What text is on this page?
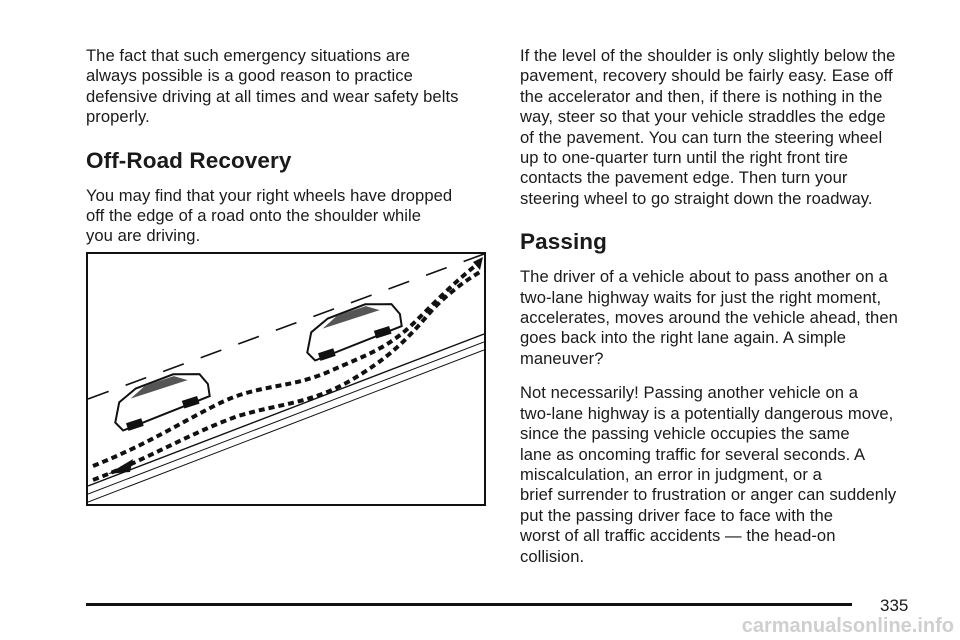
The fact that such emergency situations are
always possible is a good reason to practice
defensive driving at all times and wear safety belts
properly.

Off-Road Recovery

You may find that your right wheels have dropped
off the edge of a road onto the shoulder while
you are driving.

If the level of the shoulder is only slightly below the
pavement, recovery should be fairly easy. Ease off
the accelerator and then, if there is nothing in the
way, steer so that your vehicle straddles the edge
of the pavement. You can turn the steering wheel
up to one-quarter turn until the right front tire
contacts the pavement edge. Then turn your
steering wheel to go straight down the roadway.

Passing

The driver of a vehicle about to pass another on a
two-lane highway waits for just the right moment,
accelerates, moves around the vehicle ahead, then
goes back into the right lane again. A simple
maneuver?

Not necessarily! Passing another vehicle on a
two-lane highway is a potentially dangerous move,
since the passing vehicle occupies the same
lane as oncoming traffic for several seconds. A
miscalculation, an error in judgment, or a
brief surrender to frustration or anger can suddenly
put the passing driver face to face with the
worst of all traffic accidents — the head-on
collision.

335
carmanualsonline.info
